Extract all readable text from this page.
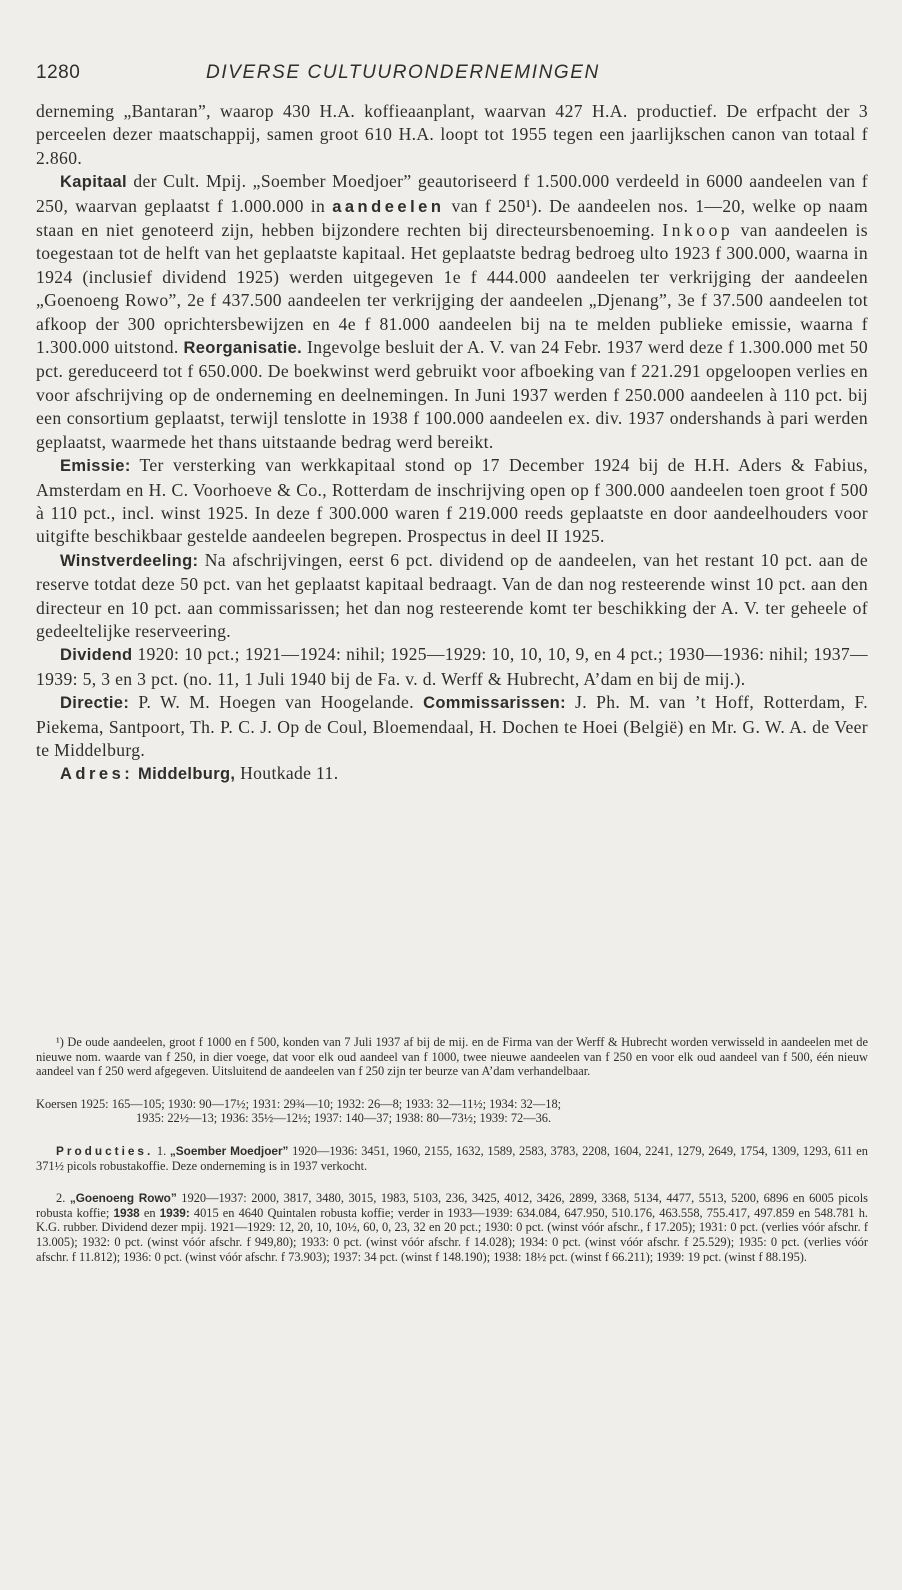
1280	DIVERSE CULTUURONDERNEMINGEN

derneming „Bantaran”, waarop 430 H.A. koffieaanplant, waarvan 427 H.A. productief. De erfpacht der 3 perceelen dezer maatschappij, samen groot 610 H.A. loopt tot 1955 tegen een jaarlijkschen canon van totaal f 2.860.

Kapitaal der Cult. Mpij. „Soember Moedjoer” geautoriseerd f 1.500.000 verdeeld in 6000 aandeelen van f 250, waarvan geplaatst f 1.000.000 in aandeelen van f 250¹). De aandeelen nos. 1—20, welke op naam staan en niet genoteerd zijn, hebben bijzondere rechten bij directeursbenoeming. Inkoop van aandeelen is toegestaan tot de helft van het geplaatste kapitaal. Het geplaatste bedrag bedroeg ulto 1923 f 300.000, waarna in 1924 (inclusief dividend 1925) werden uitgegeven 1e f 444.000 aandeelen ter verkrijging der aandeelen „Goenoeng Rowo”, 2e f 437.500 aandeelen ter verkrijging der aandeelen „Djenang”, 3e f 37.500 aandeelen tot afkoop der 300 oprichtersbewijzen en 4e f 81.000 aandeelen bij na te melden publieke emissie, waarna f 1.300.000 uitstond. Reorganisatie. Ingevolge besluit der A. V. van 24 Febr. 1937 werd deze f 1.300.000 met 50 pct. gereduceerd tot f 650.000. De boekwinst werd gebruikt voor afboeking van f 221.291 opgeloopen verlies en voor afschrijving op de onderneming en deelnemingen. In Juni 1937 werden f 250.000 aandeelen à 110 pct. bij een consortium geplaatst, terwijl tenslotte in 1938 f 100.000 aandeelen ex. div. 1937 ondershands à pari werden geplaatst, waarmede het thans uitstaande bedrag werd bereikt.

Emissie: Ter versterking van werkkapitaal stond op 17 December 1924 bij de H.H. Aders & Fabius, Amsterdam en H. C. Voorhoeve & Co., Rotterdam de inschrijving open op f 300.000 aandeelen toen groot f 500 à 110 pct., incl. winst 1925. In deze f 300.000 waren f 219.000 reeds geplaatste en door aandeelhouders voor uitgifte beschikbaar gestelde aandeelen begrepen. Prospectus in deel II 1925.

Winstverdeeling: Na afschrijvingen, eerst 6 pct. dividend op de aandeelen, van het restant 10 pct. aan de reserve totdat deze 50 pct. van het geplaatst kapitaal bedraagt. Van de dan nog resteerende winst 10 pct. aan den directeur en 10 pct. aan commissarissen; het dan nog resteerende komt ter beschikking der A. V. ter geheele of gedeeltelijke reserveering.

Dividend 1920: 10 pct.; 1921—1924: nihil; 1925—1929: 10, 10, 10, 9, en 4 pct.; 1930—1936: nihil; 1937—1939: 5, 3 en 3 pct. (no. 11, 1 Juli 1940 bij de Fa. v. d. Werff & Hubrecht, A’dam en bij de mij.).

Directie: P. W. M. Hoegen van Hoogelande. Commissarissen: J. Ph. M. van ’t Hoff, Rotterdam, F. Piekema, Santpoort, Th. P. C. J. Op de Coul, Bloemendaal, H. Dochen te Hoei (België) en Mr. G. W. A. de Veer te Middelburg.

Adres: Middelburg, Houtkade 11.

¹) De oude aandeelen, groot f 1000 en f 500, konden van 7 Juli 1937 af bij de mij. en de Firma van der Werff & Hubrecht worden verwisseld in aandeelen met de nieuwe nom. waarde van f 250, in dier voege, dat voor elk oud aandeel van f 1000, twee nieuwe aandeelen van f 250 en voor elk oud aandeel van f 500, één nieuw aandeel van f 250 werd afgegeven. Uitsluitend de aandeelen van f 250 zijn ter beurze van A’dam verhandelbaar.

Koersen 1925: 165—105; 1930: 90—17½; 1931: 29¾—10; 1932: 26—8; 1933: 32—11½; 1934: 32—18;
1935: 22½—13; 1936: 35½—12½; 1937: 140—37; 1938: 80—73½; 1939: 72—36.

Producties. 1. „Soember Moedjoer” 1920—1936: 3451, 1960, 2155, 1632, 1589, 2583, 3783, 2208, 1604, 2241, 1279, 2649, 1754, 1309, 1293, 611 en 371½ picols robustakoffie. Deze onderneming is in 1937 verkocht.

2. „Goenoeng Rowo” 1920—1937: 2000, 3817, 3480, 3015, 1983, 5103, 236, 3425, 4012, 3426, 2899, 3368, 5134, 4477, 5513, 5200, 6896 en 6005 picols robusta koffie; 1938 en 1939: 4015 en 4640 Quintalen robusta koffie; verder in 1933—1939: 634.084, 647.950, 510.176, 463.558, 755.417, 497.859 en 548.781 h. K.G. rubber. Dividend dezer mpij. 1921—1929: 12, 20, 10, 10½, 60, 0, 23, 32 en 20 pct.; 1930: 0 pct. (winst vóór afschr., f 17.205); 1931: 0 pct. (verlies vóór afschr. f 13.005); 1932: 0 pct. (winst vóór afschr. f 949,80); 1933: 0 pct. (winst vóór afschr. f 14.028); 1934: 0 pct. (winst vóór afschr. f 25.529); 1935: 0 pct. (verlies vóór afschr. f 11.812); 1936: 0 pct. (winst vóór afschr. f 73.903); 1937: 34 pct. (winst f 148.190); 1938: 18½ pct. (winst f 66.211); 1939: 19 pct. (winst f 88.195).
